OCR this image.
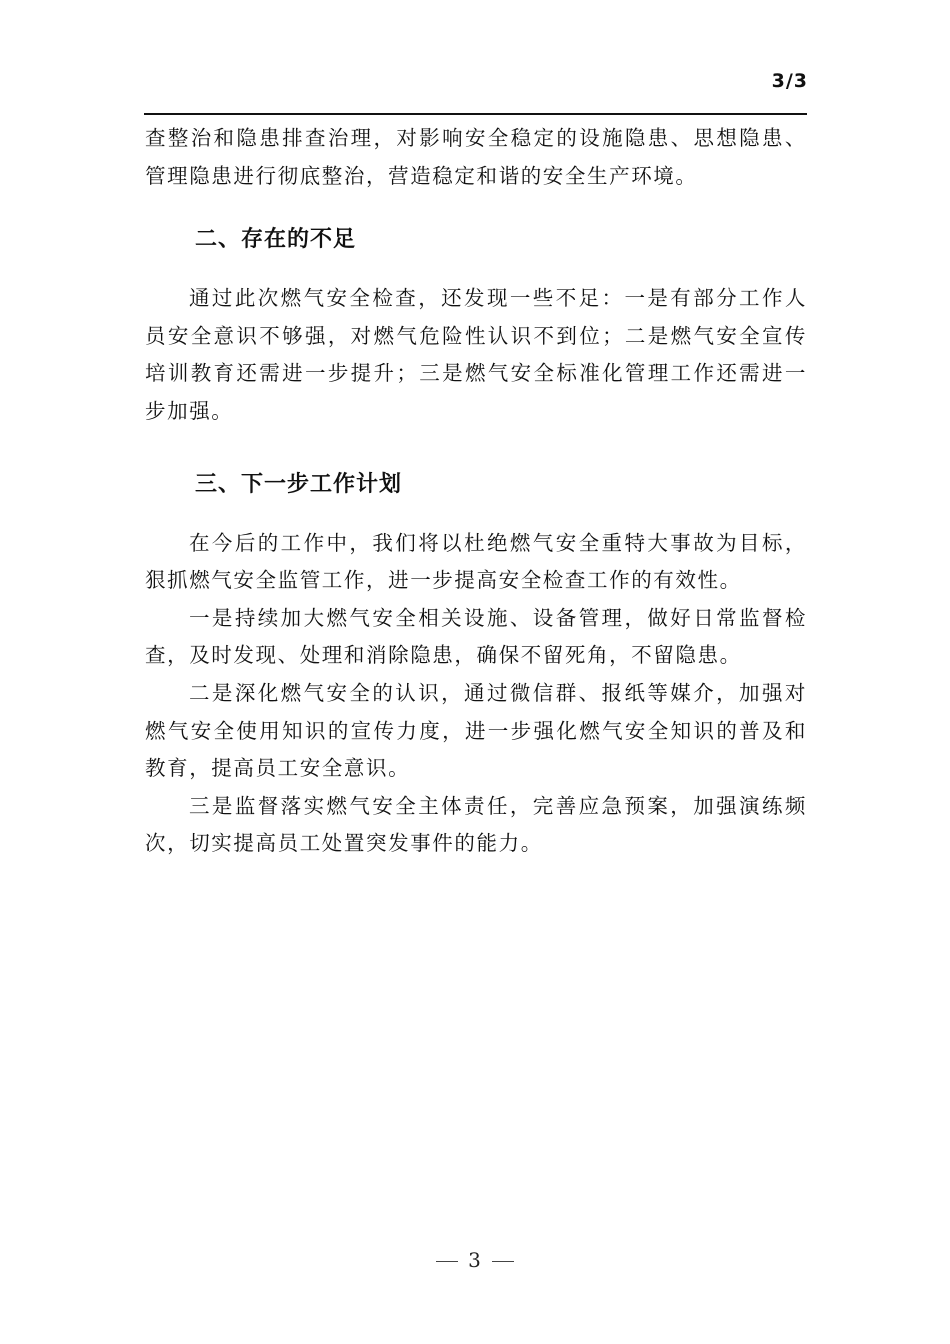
3/3

查整治和隐患排查治理，对影响安全稳定的设施隐患、思想隐患、管理隐患进行彻底整治，营造稳定和谐的安全生产环境。

二、存在的不足

通过此次燃气安全检查，还发现一些不足：一是有部分工作人员安全意识不够强，对燃气危险性认识不到位；二是燃气安全宣传培训教育还需进一步提升；三是燃气安全标准化管理工作还需进一步加强。

三、下一步工作计划

在今后的工作中，我们将以杜绝燃气安全重特大事故为目标，狠抓燃气安全监管工作，进一步提高安全检查工作的有效性。

一是持续加大燃气安全相关设施、设备管理，做好日常监督检查，及时发现、处理和消除隐患，确保不留死角，不留隐患。

二是深化燃气安全的认识，通过微信群、报纸等媒介，加强对燃气安全使用知识的宣传力度，进一步强化燃气安全知识的普及和教育，提高员工安全意识。

三是监督落实燃气安全主体责任，完善应急预案，加强演练频次，切实提高员工处置突发事件的能力。

3
